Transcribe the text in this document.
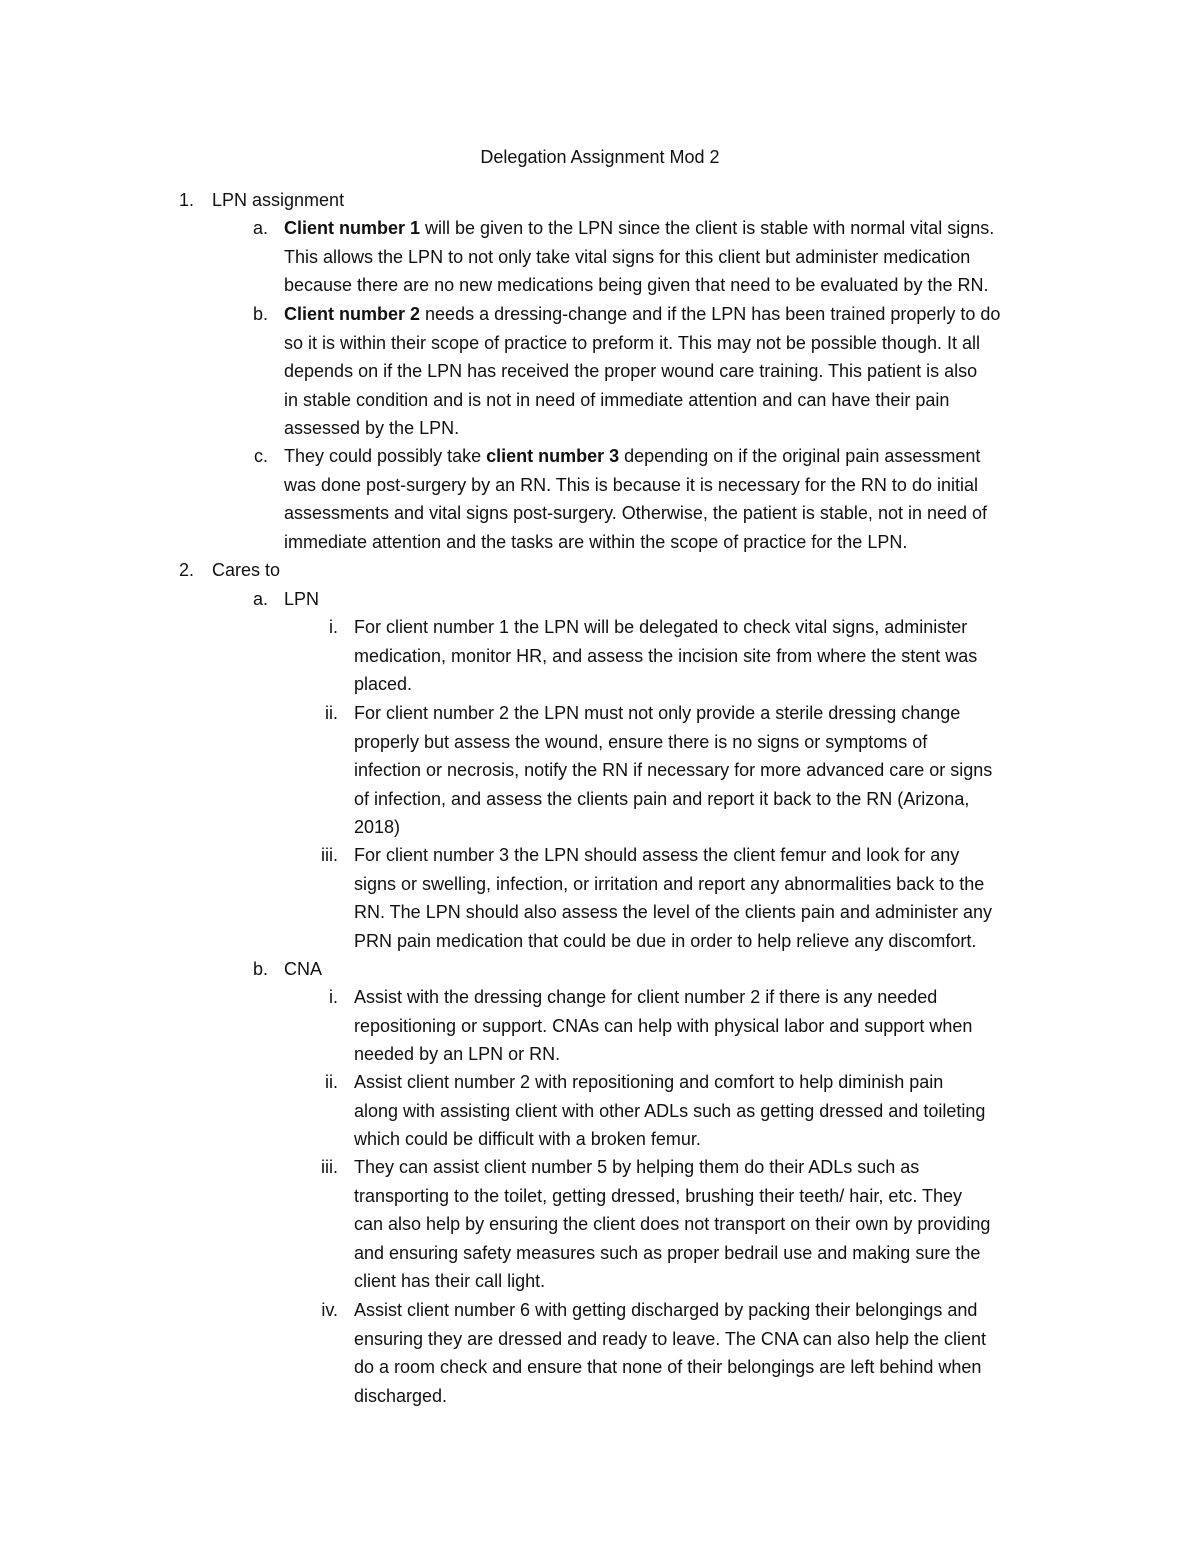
Delegation Assignment Mod 2
1. LPN assignment
a. Client number 1 will be given to the LPN since the client is stable with normal vital signs.
This allows the LPN to not only take vital signs for this client but administer medication
because there are no new medications being given that need to be evaluated by the RN.
b. Client number 2 needs a dressing-change and if the LPN has been trained properly to do
so it is within their scope of practice to preform it. This may not be possible though. It all
depends on if the LPN has received the proper wound care training. This patient is also
in stable condition and is not in need of immediate attention and can have their pain
assessed by the LPN.
c. They could possibly take client number 3 depending on if the original pain assessment
was done post-surgery by an RN. This is because it is necessary for the RN to do initial
assessments and vital signs post-surgery. Otherwise, the patient is stable, not in need of
immediate attention and the tasks are within the scope of practice for the LPN.
2. Cares to
a. LPN
i. For client number 1 the LPN will be delegated to check vital signs, administer
medication, monitor HR, and assess the incision site from where the stent was
placed.
ii. For client number 2 the LPN must not only provide a sterile dressing change
properly but assess the wound, ensure there is no signs or symptoms of
infection or necrosis, notify the RN if necessary for more advanced care or signs
of infection, and assess the clients pain and report it back to the RN (Arizona,
2018)
iii. For client number 3 the LPN should assess the client femur and look for any
signs or swelling, infection, or irritation and report any abnormalities back to the
RN. The LPN should also assess the level of the clients pain and administer any
PRN pain medication that could be due in order to help relieve any discomfort.
b. CNA
i. Assist with the dressing change for client number 2 if there is any needed
repositioning or support. CNAs can help with physical labor and support when
needed by an LPN or RN.
ii. Assist client number 2 with repositioning and comfort to help diminish pain
along with assisting client with other ADLs such as getting dressed and toileting
which could be difficult with a broken femur.
iii. They can assist client number 5 by helping them do their ADLs such as
transporting to the toilet, getting dressed, brushing their teeth/ hair, etc. They
can also help by ensuring the client does not transport on their own by providing
and ensuring safety measures such as proper bedrail use and making sure the
client has their call light.
iv. Assist client number 6 with getting discharged by packing their belongings and
ensuring they are dressed and ready to leave. The CNA can also help the client
do a room check and ensure that none of their belongings are left behind when
discharged.
